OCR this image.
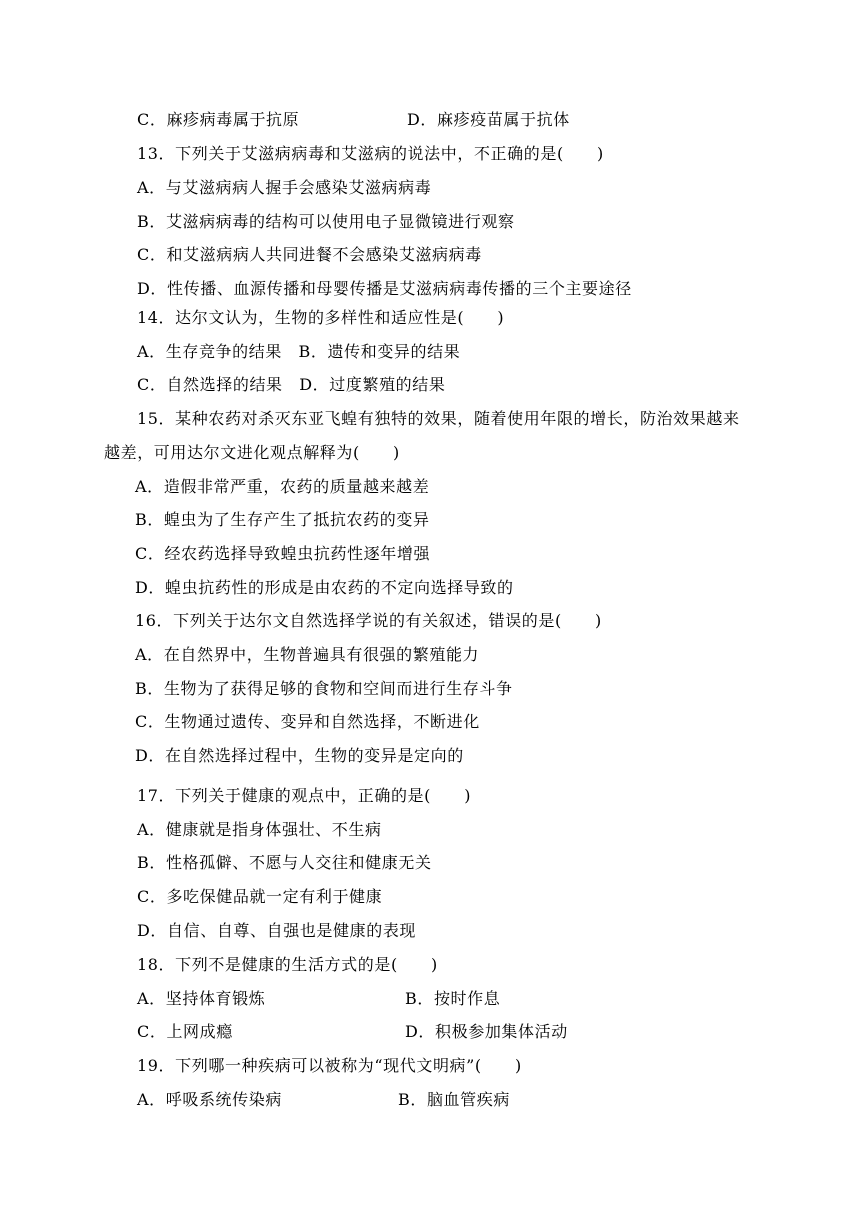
C．麻疹病毒属于抗原	D．麻疹疫苗属于抗体
13．下列关于艾滋病病毒和艾滋病的说法中，不正确的是(　　)
A．与艾滋病病人握手会感染艾滋病病毒
B．艾滋病病毒的结构可以使用电子显微镜进行观察
C．和艾滋病病人共同进餐不会感染艾滋病病毒
D．性传播、血源传播和母婴传播是艾滋病病毒传播的三个主要途径
14．达尔文认为，生物的多样性和适应性是(　　)
A．生存竞争的结果　B．遗传和变异的结果
C．自然选择的结果　D．过度繁殖的结果
15．某种农药对杀灭东亚飞蝗有独特的效果，随着使用年限的增长，防治效果越来
越差，可用达尔文进化观点解释为(　　)
A．造假非常严重，农药的质量越来越差
B．蝗虫为了生存产生了抵抗农药的变异
C．经农药选择导致蝗虫抗药性逐年增强
D．蝗虫抗药性的形成是由农药的不定向选择导致的
16．下列关于达尔文自然选择学说的有关叙述，错误的是(　　)
A．在自然界中，生物普遍具有很强的繁殖能力
B．生物为了获得足够的食物和空间而进行生存斗争
C．生物通过遗传、变异和自然选择，不断进化
D．在自然选择过程中，生物的变异是定向的
17．下列关于健康的观点中，正确的是(　　)
A．健康就是指身体强壮、不生病
B．性格孤僻、不愿与人交往和健康无关
C．多吃保健品就一定有利于健康
D．自信、自尊、自强也是健康的表现
18．下列不是健康的生活方式的是(　　)
A．坚持体育锻炼	B．按时作息
C．上网成瘾	D．积极参加集体活动
19．下列哪一种疾病可以被称为“现代文明病”(　　)
A．呼吸系统传染病	B．脑血管疾病
